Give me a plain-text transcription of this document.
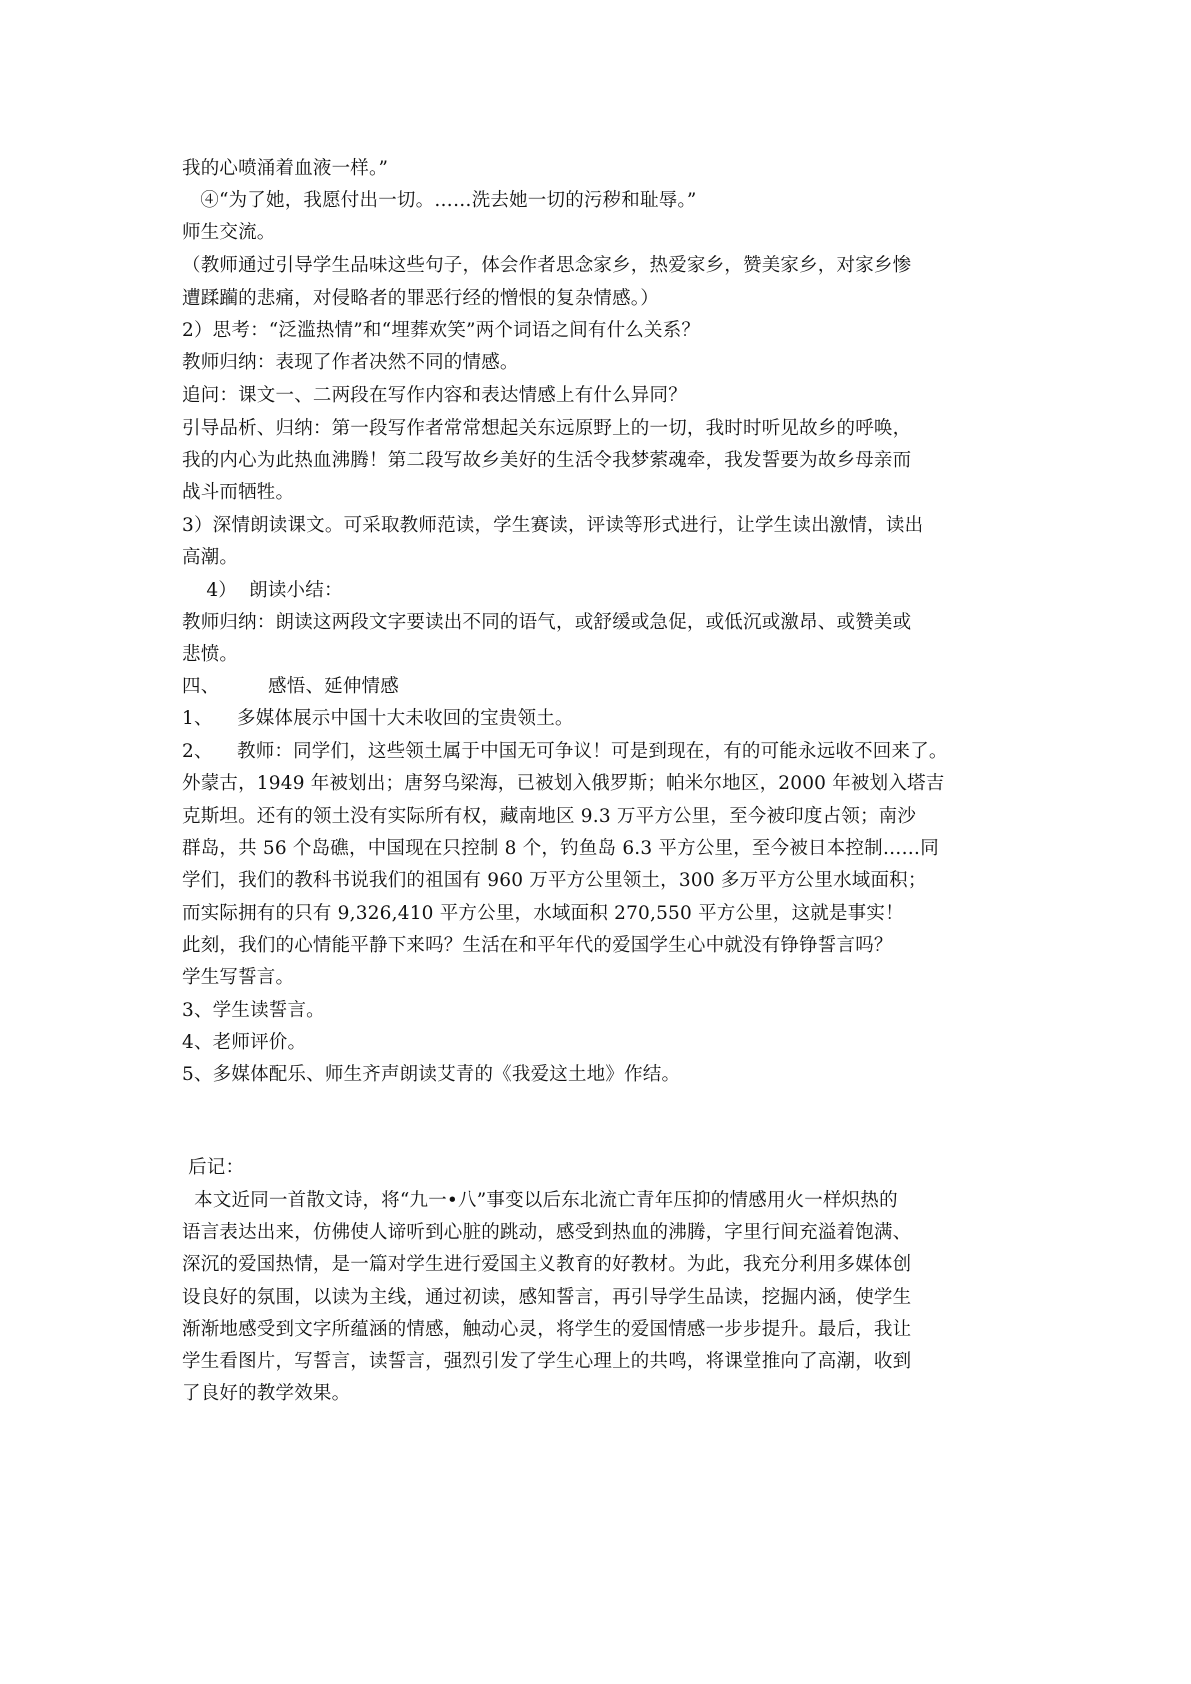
我的心喷涌着血液一样。”
④“为了她，我愿付出一切。……洗去她一切的污秽和耻辱。”
师生交流。
（教师通过引导学生品味这些句子，体会作者思念家乡，热爱家乡，赞美家乡，对家乡惨
遭蹂躏的悲痛，对侵略者的罪恶行经的憎恨的复杂情感。）
2）思考：“泛滥热情”和“埋葬欢笑”两个词语之间有什么关系？
教师归纳：表现了作者决然不同的情感。
追问：课文一、二两段在写作内容和表达情感上有什么异同？
引导品析、归纳：第一段写作者常常想起关东远原野上的一切，我时时听见故乡的呼唤，
我的内心为此热血沸腾！第二段写故乡美好的生活令我梦萦魂牵，我发誓要为故乡母亲而
战斗而牺牲。
3）深情朗读课文。可采取教师范读，学生赛读，评读等形式进行，让学生读出激情，读出
高潮。
4）  朗读小结：
教师归纳：朗读这两段文字要读出不同的语气，或舒缓或急促，或低沉或激昂、或赞美或
悲愤。
四、        感悟、延伸情感
1、    多媒体展示中国十大未收回的宝贵领土。
2、    教师：同学们，这些领土属于中国无可争议！可是到现在，有的可能永远收不回来了。
外蒙古，1949 年被划出；唐努乌梁海，已被划入俄罗斯；帕米尔地区，2000 年被划入塔吉
克斯坦。还有的领土没有实际所有权，藏南地区 9.3 万平方公里，至今被印度占领；南沙
群岛，共 56 个岛礁，中国现在只控制 8 个，钓鱼岛 6.3 平方公里，至今被日本控制……同
学们，我们的教科书说我们的祖国有 960 万平方公里领土，300 多万平方公里水域面积；
而实际拥有的只有 9,326,410 平方公里，水域面积 270,550 平方公里，这就是事实！
此刻，我们的心情能平静下来吗？生活在和平年代的爱国学生心中就没有铮铮誓言吗？
学生写誓言。
3、学生读誓言。
4、老师评价。
5、多媒体配乐、师生齐声朗读艾青的《我爱这土地》作结。
后记：
本文近同一首散文诗，将“九一•八”事变以后东北流亡青年压抑的情感用火一样炽热的
语言表达出来，仿佛使人谛听到心脏的跳动，感受到热血的沸腾，字里行间充溢着饱满、
深沉的爱国热情，是一篇对学生进行爱国主义教育的好教材。为此，我充分利用多媒体创
设良好的氛围，以读为主线，通过初读，感知誓言，再引导学生品读，挖掘内涵，使学生
渐渐地感受到文字所蕴涵的情感，触动心灵，将学生的爱国情感一步步提升。最后，我让
学生看图片，写誓言，读誓言，强烈引发了学生心理上的共鸣，将课堂推向了高潮，收到
了良好的教学效果。
